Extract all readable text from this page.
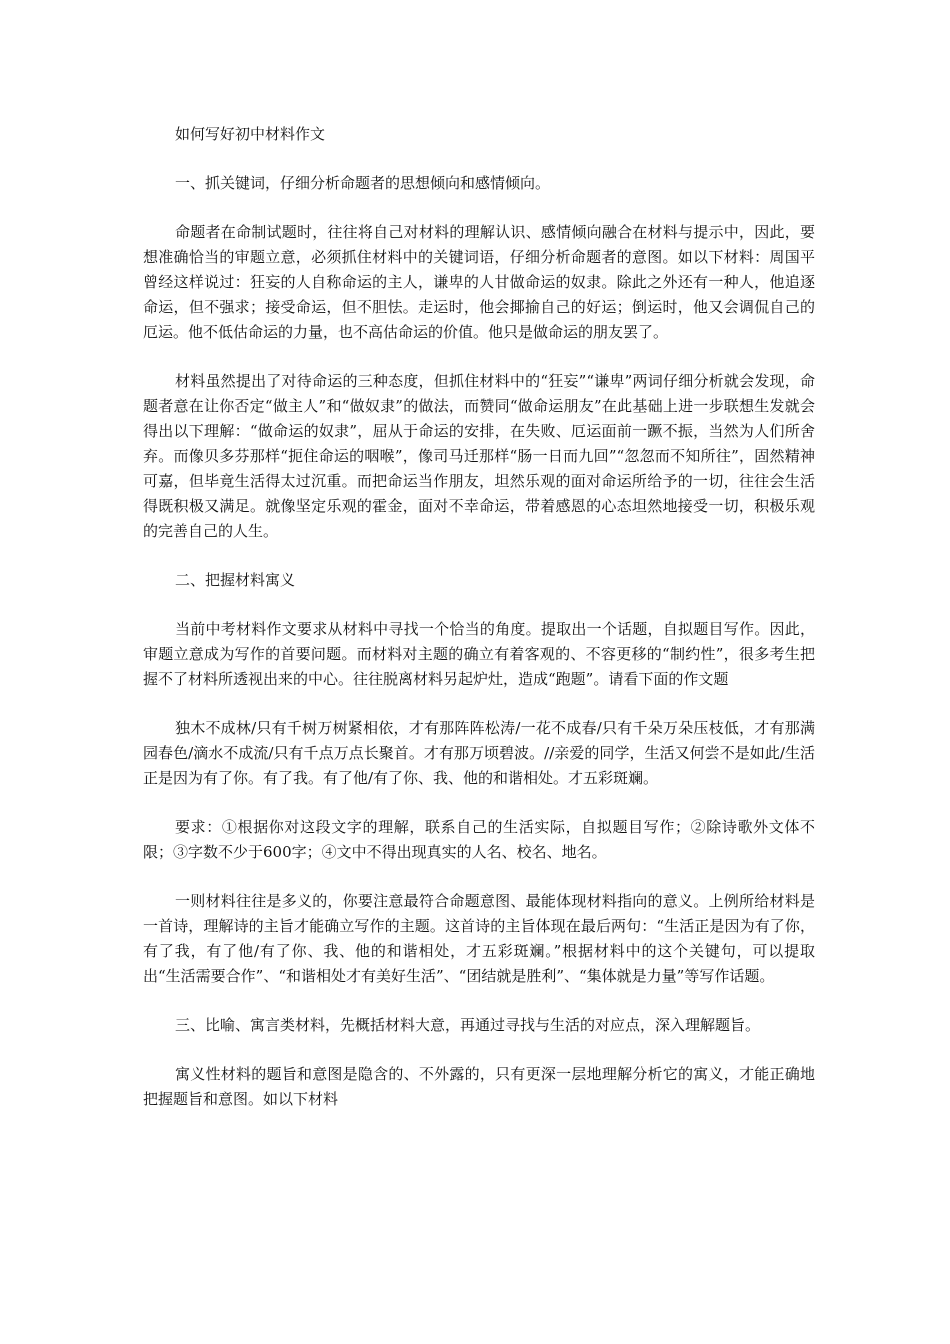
如何写好初中材料作文

一、抓关键词，仔细分析命题者的思想倾向和感情倾向。

命题者在命制试题时，往往将自己对材料的理解认识、感情倾向融合在材料与提示中，因此，要想准确恰当的审题立意，必须抓住材料中的关键词语，仔细分析命题者的意图。如以下材料：周国平曾经这样说过：狂妄的人自称命运的主人，谦卑的人甘做命运的奴隶。除此之外还有一种人，他追逐命运，但不强求；接受命运，但不胆怯。走运时，他会揶揄自己的好运；倒运时，他又会调侃自己的厄运。他不低估命运的力量，也不高估命运的价值。他只是做命运的朋友罢了。

材料虽然提出了对待命运的三种态度，但抓住材料中的“狂妄”“谦卑”两词仔细分析就会发现，命题者意在让你否定“做主人”和“做奴隶”的做法，而赞同“做命运朋友”在此基础上进一步联想生发就会得出以下理解：“做命运的奴隶”，屈从于命运的安排，在失败、厄运面前一蹶不振，当然为人们所舍弃。而像贝多芬那样“扼住命运的咽喉”，像司马迁那样“肠一日而九回”“忽忽而不知所往”，固然精神可嘉，但毕竟生活得太过沉重。而把命运当作朋友，坦然乐观的面对命运所给予的一切，往往会生活得既积极又满足。就像坚定乐观的霍金，面对不幸命运，带着感恩的心态坦然地接受一切，积极乐观的完善自己的人生。

二、把握材料寓义

当前中考材料作文要求从材料中寻找一个恰当的角度。提取出一个话题，自拟题目写作。因此，审题立意成为写作的首要问题。而材料对主题的确立有着客观的、不容更移的“制约性”，很多考生把握不了材料所透视出来的中心。往往脱离材料另起炉灶，造成“跑题”。请看下面的作文题

独木不成林/只有千树万树紧相依，才有那阵阵松涛/一花不成春/只有千朵万朵压枝低，才有那满园春色/滴水不成流/只有千点万点长聚首。才有那万顷碧波。//亲爱的同学，生活又何尝不是如此/生活正是因为有了你。有了我。有了他/有了你、我、他的和谐相处。才五彩斑斓。

要求：①根据你对这段文字的理解，联系自己的生活实际，自拟题目写作；②除诗歌外文体不限；③字数不少于600字；④文中不得出现真实的人名、校名、地名。

一则材料往往是多义的，你要注意最符合命题意图、最能体现材料指向的意义。上例所给材料是一首诗，理解诗的主旨才能确立写作的主题。这首诗的主旨体现在最后两句：“生活正是因为有了你，有了我，有了他/有了你、我、他的和谐相处，才五彩斑斓。”根据材料中的这个关键句，可以提取出“生活需要合作”、“和谐相处才有美好生活”、“团结就是胜利”、“集体就是力量”等写作话题。

三、比喻、寓言类材料，先概括材料大意，再通过寻找与生活的对应点，深入理解题旨。

寓义性材料的题旨和意图是隐含的、不外露的，只有更深一层地理解分析它的寓义，才能正确地把握题旨和意图。如以下材料
